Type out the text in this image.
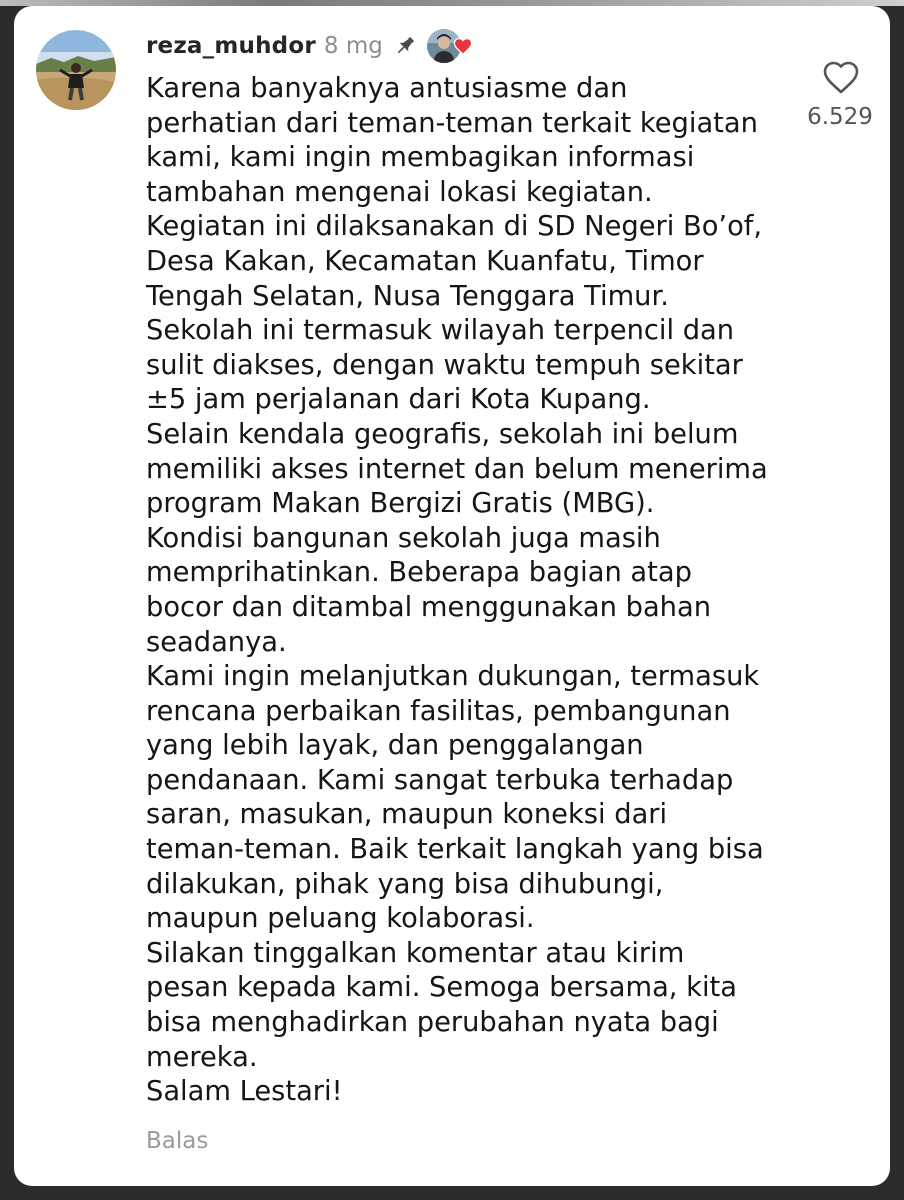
reza_muhdor 8 mg
Karena banyaknya antusiasme dan
perhatian dari teman-teman terkait kegiatan
kami, kami ingin membagikan informasi
tambahan mengenai lokasi kegiatan.
Kegiatan ini dilaksanakan di SD Negeri Bo’of,
Desa Kakan, Kecamatan Kuanfatu, Timor
Tengah Selatan, Nusa Tenggara Timur.
Sekolah ini termasuk wilayah terpencil dan
sulit diakses, dengan waktu tempuh sekitar
±5 jam perjalanan dari Kota Kupang.
Selain kendala geografis, sekolah ini belum
memiliki akses internet dan belum menerima
program Makan Bergizi Gratis (MBG).
Kondisi bangunan sekolah juga masih
memprihatinkan. Beberapa bagian atap
bocor dan ditambal menggunakan bahan
seadanya.
Kami ingin melanjutkan dukungan, termasuk
rencana perbaikan fasilitas, pembangunan
yang lebih layak, dan penggalangan
pendanaan. Kami sangat terbuka terhadap
saran, masukan, maupun koneksi dari
teman-teman. Baik terkait langkah yang bisa
dilakukan, pihak yang bisa dihubungi,
maupun peluang kolaborasi.
Silakan tinggalkan komentar atau kirim
pesan kepada kami. Semoga bersama, kita
bisa menghadirkan perubahan nyata bagi
mereka.
Salam Lestari!
6.529
Balas
